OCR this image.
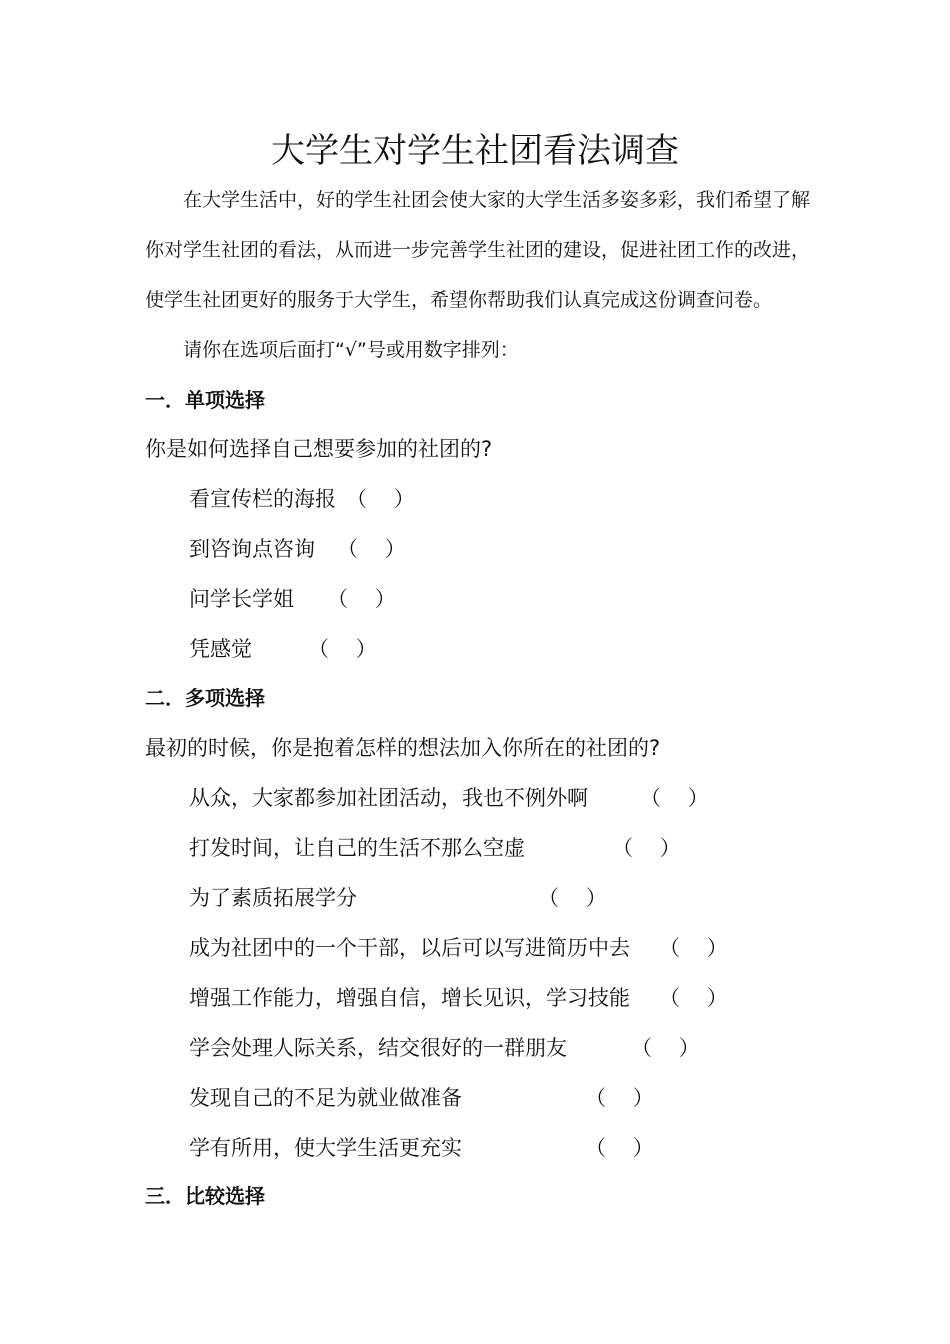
大学生对学生社团看法调查
在大学生活中，好的学生社团会使大家的大学生活多姿多彩，我们希望了解
你对学生社团的看法，从而进一步完善学生社团的建设，促进社团工作的改进，
使学生社团更好的服务于大学生，希望你帮助我们认真完成这份调查问卷。
请你在选项后面打“√”号或用数字排列：
一．单项选择
你是如何选择自己想要参加的社团的?
看宣传栏的海报 （    ）
到咨询点咨询 （    ）
问学长学姐 （    ）
凭感觉	（    ）
二．多项选择
最初的时候，你是抱着怎样的想法加入你所在的社团的?
从众，大家都参加社团活动，我也不例外啊 （    ）
打发时间，让自己的生活不那么空虚	（    ）
为了素质拓展学分	（    ）
成为社团中的一个干部，以后可以写进简历中去 （    ）
增强工作能力，增强自信，增长见识，学习技能 （    ）
学会处理人际关系，结交很好的一群朋友	（    ）
发现自己的不足为就业做准备	（    ）
学有所用，使大学生活更充实	（    ）
三．比较选择
